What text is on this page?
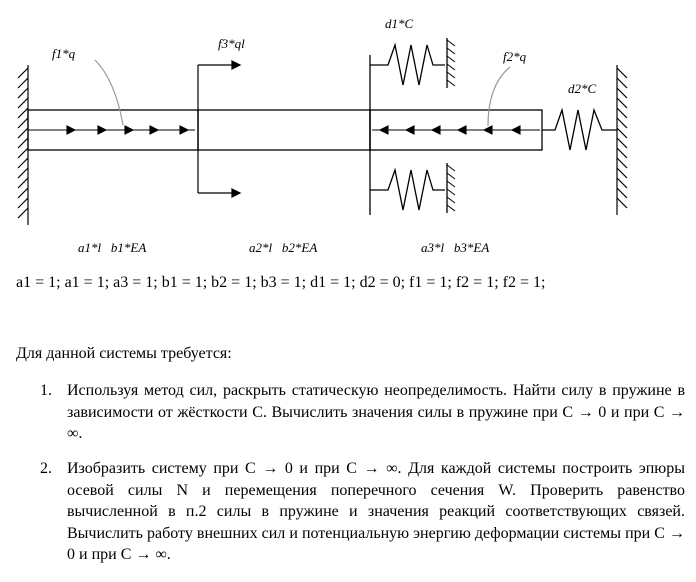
f1*q
f3*ql
d1*C
f2*q
d2*C
a1*l b1*EA	a2*l b2*EA	a3*l b3*EA
a1 = 1; a1 = 1; a3 = 1; b1 = 1; b2 = 1; b3 = 1; d1 = 1; d2 = 0; f1 = 1; f2 = 1; f2 = 1;
Для данной системы требуется:
1. Используя метод сил, раскрыть статическую неопределимость. Найти силу в пружине в зависимости от жёсткости C. Вычислить значения силы в пружине при C → 0 и при C → ∞.
2. Изобразить систему при C → 0 и при C → ∞. Для каждой системы построить эпюры осевой силы N и перемещения поперечного сечения W. Проверить равенство вычисленной в п.2 силы в пружине и значения реакций соответствующих связей. Вычислить работу внешних сил и потенциальную энергию деформации системы при C → 0 и при C → ∞.
